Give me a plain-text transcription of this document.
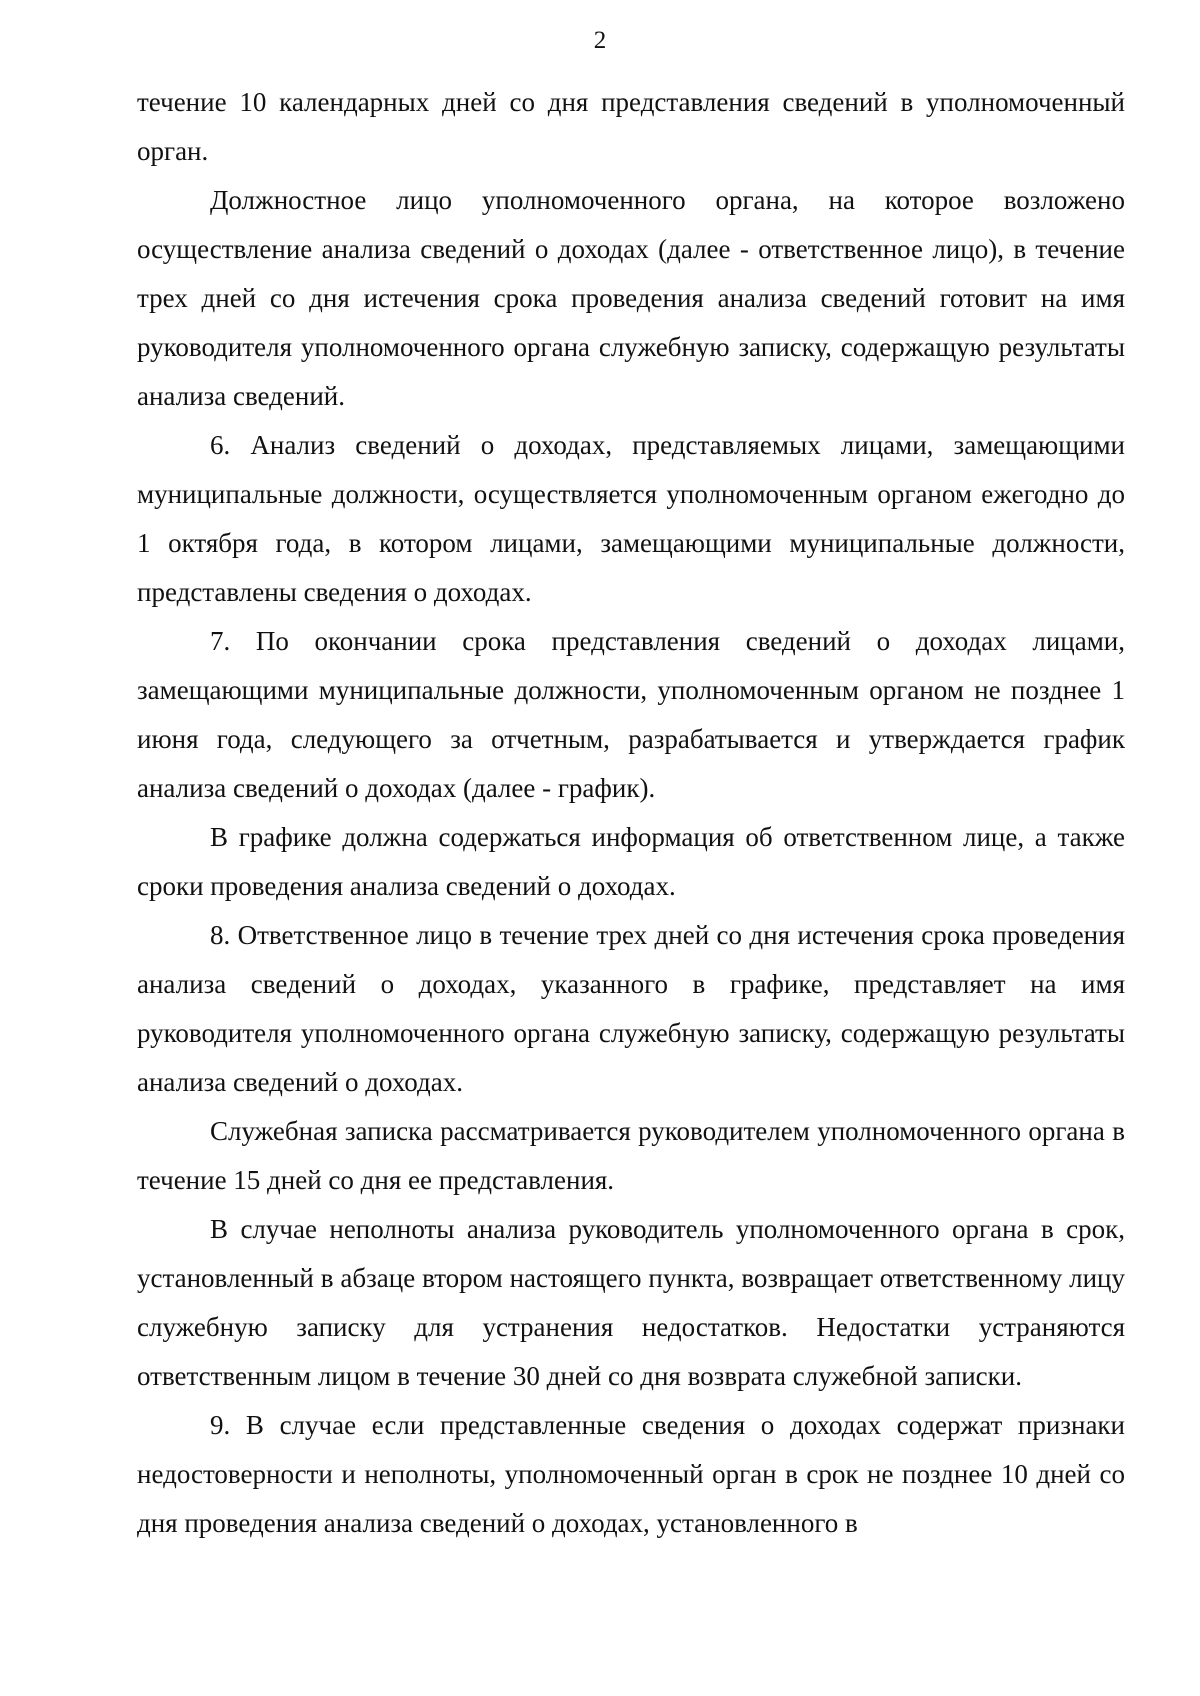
2

течение 10 календарных дней со дня представления сведений в уполномоченный орган.

Должностное лицо уполномоченного органа, на которое возложено осуществление анализа сведений о доходах (далее - ответственное лицо), в течение трех дней со дня истечения срока проведения анализа сведений готовит на имя руководителя уполномоченного органа служебную записку, содержащую результаты анализа сведений.

6. Анализ сведений о доходах, представляемых лицами, замещающими муниципальные должности, осуществляется уполномоченным органом ежегодно до 1 октября года, в котором лицами, замещающими муниципальные должности, представлены сведения о доходах.

7. По окончании срока представления сведений о доходах лицами, замещающими муниципальные должности, уполномоченным органом не позднее 1 июня года, следующего за отчетным, разрабатывается и утверждается график анализа сведений о доходах (далее - график).

В графике должна содержаться информация об ответственном лице, а также сроки проведения анализа сведений о доходах.

8. Ответственное лицо в течение трех дней со дня истечения срока проведения анализа сведений о доходах, указанного в графике, представляет на имя руководителя уполномоченного органа служебную записку, содержащую результаты анализа сведений о доходах.

Служебная записка рассматривается руководителем уполномоченного органа в течение 15 дней со дня ее представления.

В случае неполноты анализа руководитель уполномоченного органа в срок, установленный в абзаце втором настоящего пункта, возвращает ответственному лицу служебную записку для устранения недостатков. Недостатки устраняются ответственным лицом в течение 30 дней со дня возврата служебной записки.

9. В случае если представленные сведения о доходах содержат признаки недостоверности и неполноты, уполномоченный орган в срок не позднее 10 дней со дня проведения анализа сведений о доходах, установленного в
